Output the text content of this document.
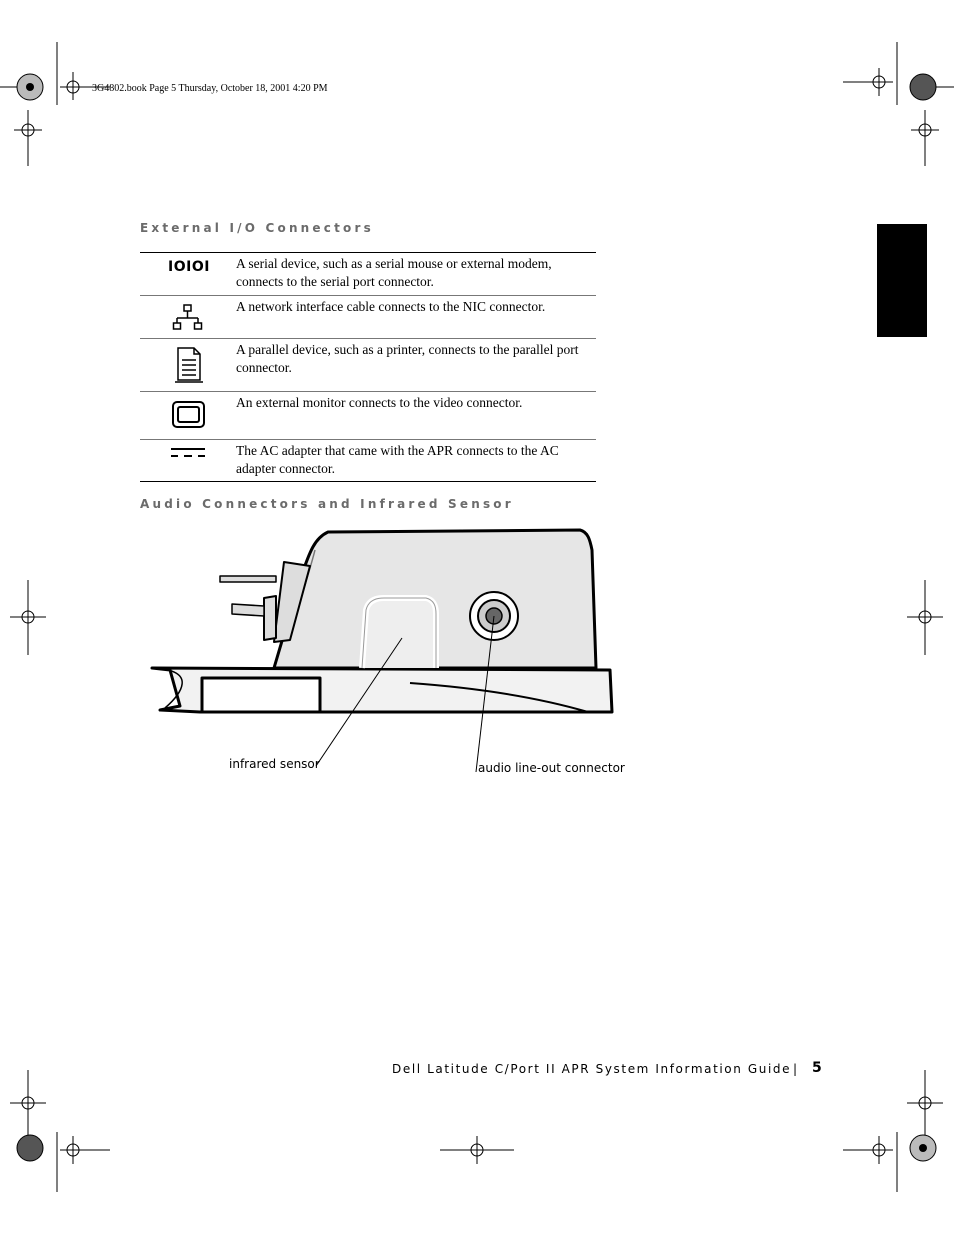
3G4802.book Page 5 Thursday, October 18, 2001 4:20 PM
External I/O Connectors
IOIOI A serial device, such as a serial mouse or external modem, connects to the serial port connector.
A network interface cable connects to the NIC connector.
A parallel device, such as a printer, connects to the parallel port connector.
An external monitor connects to the video connector.
The AC adapter that came with the APR connects to the AC adapter connector.
Audio Connectors and Infrared Sensor
infrared sensor	audio line-out connector
Dell Latitude C/Port II APR System Information Guide | 5
